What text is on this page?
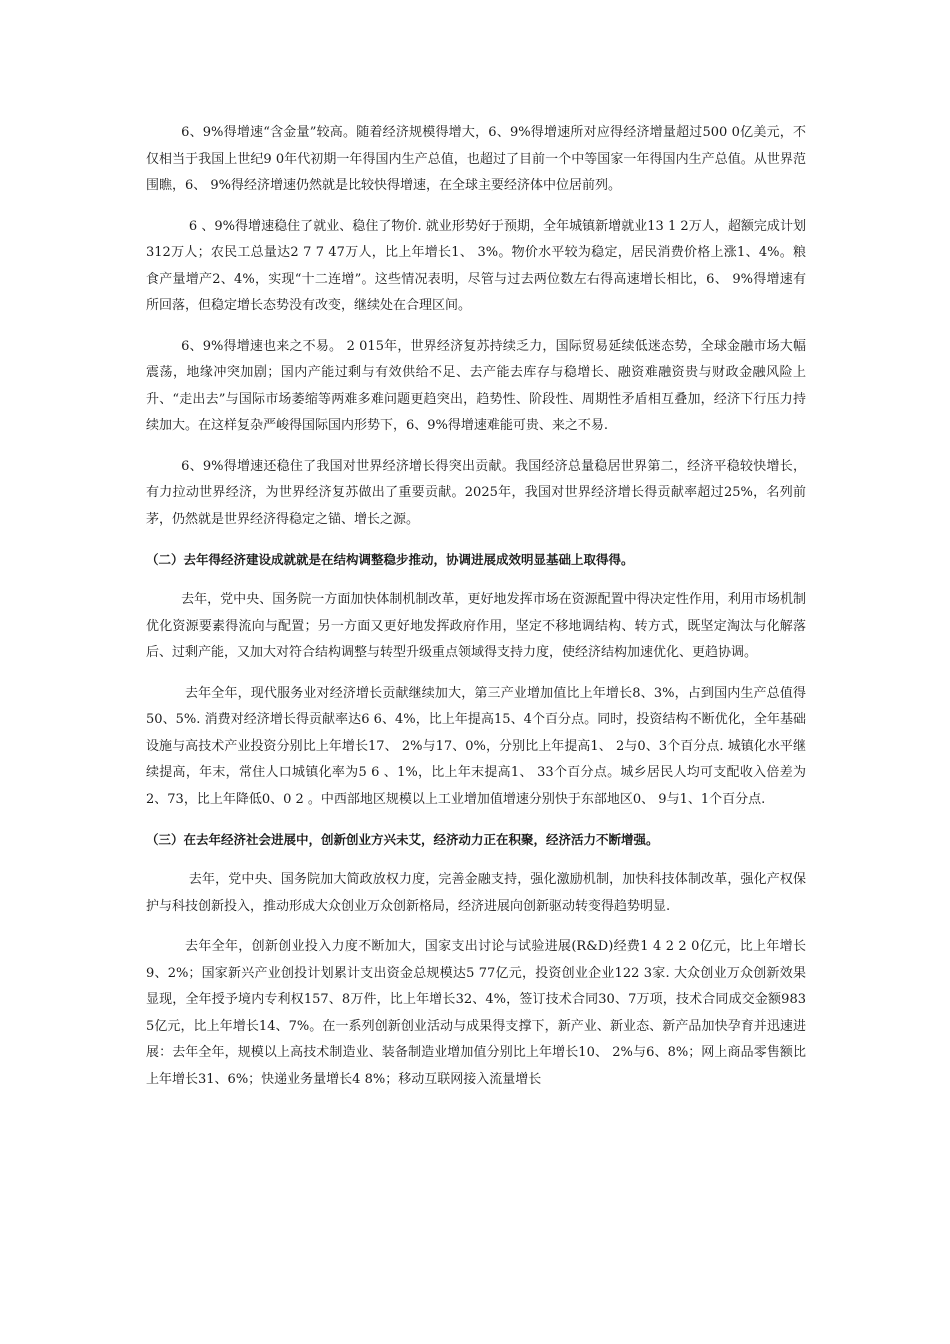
6、9%得增速“含金量”较高。随着经济规模得增大，6、9%得增速所对应得经济增量超过500 0亿美元，不仅相当于我国上世纪9 0年代初期一年得国内生产总值，也超过了目前一个中等国家一年得国内生产总值。从世界范围瞧，6、 9%得经济增速仍然就是比较快得增速，在全球主要经济体中位居前列。

6 、9%得增速稳住了就业、稳住了物价. 就业形势好于预期，全年城镇新增就业13 1 2万人，超额完成计划312万人；农民工总量达2 7 7 47万人，比上年增长1、 3%。物价水平较为稳定，居民消费价格上涨1、4%。粮食产量增产2、4%，实现“十二连增”。这些情况表明，尽管与过去两位数左右得高速增长相比，6、 9%得增速有所回落，但稳定增长态势没有改变，继续处在合理区间。

6、9%得增速也来之不易。 2 015年，世界经济复苏持续乏力，国际贸易延续低迷态势，全球金融市场大幅震荡，地缘冲突加剧；国内产能过剩与有效供给不足、去产能去库存与稳增长、融资难融资贵与财政金融风险上升、“走出去”与国际市场萎缩等两难多难问题更趋突出，趋势性、阶段性、周期性矛盾相互叠加，经济下行压力持续加大。在这样复杂严峻得国际国内形势下，6、9%得增速难能可贵、来之不易.

6、9%得增速还稳住了我国对世界经济增长得突出贡献。我国经济总量稳居世界第二，经济平稳较快增长，有力拉动世界经济，为世界经济复苏做出了重要贡献。2025年，我国对世界经济增长得贡献率超过25%，名列前茅，仍然就是世界经济得稳定之锚、增长之源。

（二）去年得经济建设成就就是在结构调整稳步推动，协调进展成效明显基础上取得得。

去年，党中央、国务院一方面加快体制机制改革，更好地发挥市场在资源配置中得决定性作用，利用市场机制优化资源要素得流向与配置；另一方面又更好地发挥政府作用，坚定不移地调结构、转方式，既坚定淘汰与化解落后、过剩产能，又加大对符合结构调整与转型升级重点领域得支持力度，使经济结构加速优化、更趋协调。

去年全年，现代服务业对经济增长贡献继续加大，第三产业增加值比上年增长8、3%，占到国内生产总值得50、5%. 消费对经济增长得贡献率达6 6、4%，比上年提高15、4个百分点。同时，投资结构不断优化，全年基础设施与高技术产业投资分别比上年增长17、 2%与17、0%，分别比上年提高1、 2与0、3个百分点. 城镇化水平继续提高，年末，常住人口城镇化率为5 6 、1%，比上年末提高1、 33个百分点。城乡居民人均可支配收入倍差为2、73，比上年降低0、0 2 。中西部地区规模以上工业增加值增速分别快于东部地区0、 9与1、1个百分点.

（三）在去年经济社会进展中，创新创业方兴未艾，经济动力正在积聚，经济活力不断增强。

去年，党中央、国务院加大简政放权力度，完善金融支持，强化激励机制，加快科技体制改革，强化产权保护与科技创新投入，推动形成大众创业万众创新格局，经济进展向创新驱动转变得趋势明显.

去年全年，创新创业投入力度不断加大，国家支出讨论与试验进展(R&D)经费1 4 2 2 0亿元，比上年增长9、2%；国家新兴产业创投计划累计支出资金总规模达5 77亿元，投资创业企业122 3家. 大众创业万众创新效果显现，全年授予境内专利权157、8万件，比上年增长32、4%，签订技术合同30、7万项，技术合同成交金额9835亿元，比上年增长14、7%。在一系列创新创业活动与成果得支撑下，新产业、新业态、新产品加快孕育并迅速进展：去年全年，规模以上高技术制造业、装备制造业增加值分别比上年增长10、 2%与6、8%；网上商品零售额比上年增长31、6%；快递业务量增长4 8%；移动互联网接入流量增长
